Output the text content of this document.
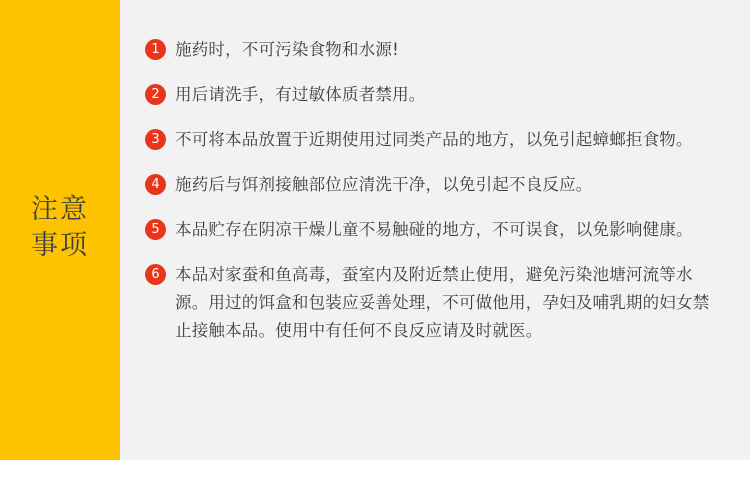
注意
事项
1 施药时，不可污染食物和水源!
2 用后请洗手，有过敏体质者禁用。
3 不可将本品放置于近期使用过同类产品的地方，以免引起蟑螂拒食物。
4 施药后与饵剂接触部位应清洗干净，以免引起不良反应。
5 本品贮存在阴凉干燥儿童不易触碰的地方，不可误食，以免影响健康。
6 本品对家蚕和鱼高毒，蚕室内及附近禁止使用，避免污染池塘河流等水源。用过的饵盒和包装应妥善处理，不可做他用，孕妇及哺乳期的妇女禁止接触本品。使用中有任何不良反应请及时就医。
